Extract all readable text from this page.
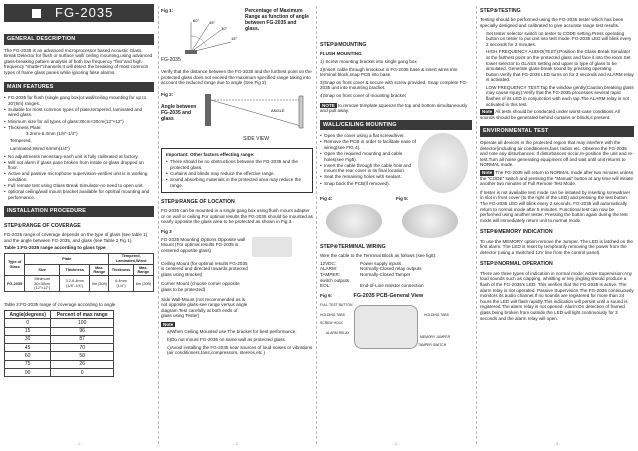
FG-2035
GENERAL DESCRIPTION

The FG-2035 is an advanced microprocessor based Acoustic Glass Break Detector for flush or surface wall/ ceiling mounting,using advanced glass-breaking pattern analysis of both low frequency "flex"and high frequency "shatter"channels.It will detect the breaking of most common types of frame glass panes while ignoring false alarms.

MAIN FEATURES
• FG-2035 for flush (single gang box)or wall/ceiling mounting for up to 30'(9m) ranges.
• Suitable for most common types of plate,tempered, laminated and wired glass.
• Minimum size for all types of glass:30cm×30cm(12"×12")
• Thickness Plate:

3.2mm-6.4mm (1/8"-1/4")

Tempered,

Laminated,Wired 64mm(1/4")

• No adjustments necessary-each unit is fully calibrated at factory.
• Will not alarm if glass pane broken from inside or glass dropped on floor.
• Active and passive microphone supervision-verifies unit is in working condition.
• Full remote test using Glass Break Simulator-no need to open unit.
• optional ceiling/wall mount bracket available for optimal mounting and performance.
INSTALLATION PROCEDURE
STEP①RANGE OF COVERAGE

FG-2035 range of coverage depends on the type of glass (see table 1) and the angle between FG-2035, and glass (see Table 2 Fig 1).

Table 1:FG-2035 range according to glass type

Type of Glass	Plate			Tempered, Laminated,Wired	
	Size	Thickness	Max. Range	Thickness	Max. Range
FG-2035	Minimum 30×30cm (12"×12")	3.2-6.4mm (1/8"-1/4")	9m (30ft)	6.4mm (1/4")	6m (20ft)

Table 2:FG-2035 range of coverage according to angle

Angle(degrees)	Percent of max range
0	100
15	96
30	87
45	70
60	50
75	26
90	0
- 1 -

Fig 1:

60° 45°
30°
15°

FG-2035

Percentage of Maximum Range as function of angle between FG-2035 and glass.

Verify that the distance between the FG-2035 and the furthest point on the protected glass does not exceed the maximum specified range taking into account the reduced range due to angle (See Fig 2)

Fig 2:

Angle between FG-2035 and glass

ANGLE

SIDE VIEW

Important: Other factors effecting range:

• There should be no obstructions between the FG-2035 and the protected glass.
• Curtains and blinds may reduce the effective range.
• Sound absorbing materials in the protected area may reduce the range.
STEP②RANGE OF LOCATION

FG-2035 can be mounted in a single gang box using flush mount adapter or on wall or ceiling.For optimal results the FG-2035 should be mounted as nearly opposite the glass area to be protected as shown in Fig 3.

Fig 3

FG-2035 Mounting Options Opposite wall Mount (For optimal results FG-2035 is centered opposite glass)

Ceiling Mount (for optimal results FG-2035 is centered and directed towards protected glass using Bracket)

Corner Mount (choose corner opposite glass to be protected)

Side Wall-Mount (not recommended as is not opposite glass-see range versus angle diagram.Test carefully at both ends of glass using Tester)

Note

a)When Ceiling Mounted use The bracket for best performance.

b)Do not mount FG-2035 on same wall as protected glass.

c)Avoid installing the FG-2035 near sources of loud noises or vibrations (air conditioners,fans,compressors, stereos,etc.)

- 2 -
STEP③MOUNTING

FLUSH MOUNTING

1) Screw mounting bracket into single gang box

2)Insert cable through knockout in FG-2035 base & insert wires into terminal block,snap PCB into base.

3)Snap on front cover & secure with screw provided. Snap complete FG-2035 unit into mounting bracket.

4)Snap on front cover of mounting bracket

NOTE to remove trimplate,squeeze the top and bottom simultaneously and pull away.

WALL/CEILING MOUNTING
• Open the cover using a flat screwdriver.
• Remove the PCB in order to facilitate ease of wiring(see FIG 4).
• Open the required mounting and cable holes(see Fig5).
• Insert the cable through the cable hole and mount the rear cover in its final location.
• Seat the remaining holes with sealant.
• Snap back the PCB(if removed).

Fig 4:	Fig 5:

STEP④TERMINAL WIRING

Wire the cable to the Terminal Block as follows (see fig6):

12VDC:	Power supply inputs
ALARM:	Normally-Closed relay outputs
TAMPER:	Normally-Closed Tamper
switch outputs
EOL:	End-of-Line resistor connection

Fig 6:	FG-2035 PCB-General View

FULL TEST BUTTON
HOLDING TABS
SCREW HOLE
ALARM RELAY
HOLDING TABS
MEMORY JUMPER
TAMPER SWITCH
- 3 -
STEP⑤TESTING

Testing should be performed using the FG-2035 tester which has been specially designed and calibrated to give accurate range test results.

Set tester selector switch on tester to CODE setting.Press operating button on tester to put unit into test mode. FG-2035 LED will blink every 2 seconds for 2 minutes.

HIGH FREQUENCY AUDIO(TEST):Position the Glass Break Simulator at the farthest point on the protected glass and face it into the room.Set tower selector to GLASS setting and upper to type of glass to be simulated. Generate glass-break sound by pressing operating button.Verify that FG-2035 LED turns on for 3 seconds and ALARM relay is activated.

LOW FREQUENCY TEST:Tap the window gently(Caution breaking glass may cause injury).Verify that the FG-2035 processes several rapid flashes of its LED in conjunction with each tap.The ALARM relay is not activated in this test.

Note All tests should be conducted under worst-case conditions.All sounds should be generated behind curtains or blinds,it present.

ENVIRONMENTAL TEST

Operate all devices in the protected region that may interfere with the detector(including air conditioners,fans radios etc. Observe the FG-2035 and note any disturbances. If disturbances occur,re-position the unit and re-test.Turn all noise generating equipment off and wait until unit returns to NORMAL mode.

Note The FG-2035 will return to NORMAL mode after two minutes unless the "CODE" switch and pressing the "Manual" button at any time will initiate another two minutes of Full Remote Test Mode.

If tester is not available test mode can be initiated by inserting screwdriver in slot in front cover (to the right of the LED) and pressing the test button. The FG-2035 LED will blink every 2 seconds. FG-2035 will automatically return to normal mode after 5 minutes. Functional test can now be performed using another tester. Pressing the button again during the test mode will immediately return unit to normal mode.

STEP⑥MEMORY INDICATION

To use the MEMORY option-remove the Jumper. The LED is latched on the first alarm. The LED is reset by temporarily removing the power from the detector (using a Switched 12V line from the control panel).

STEP⑦NORMAL OPERATION

There are three types of indication in normal mode: Active Supervision:Any loud sounds such as clapping, whistling or key jingling should produce a flash of the FG-2035's LED. This verifies that the FG-2035 is active. The alarm relay is not operated. Passive Supervision:The FG-2035 continuously monitors its audio channel.If no sounds are registered for more than 24 hours the LED will flash rapidly.This indication will persist until a sound is registered.The alarm relay is not opened. Alarm:On detection of framed glass being broken from outside the LED will light continuously for 3 seconds and the alarm relay will open.

- 4 -
